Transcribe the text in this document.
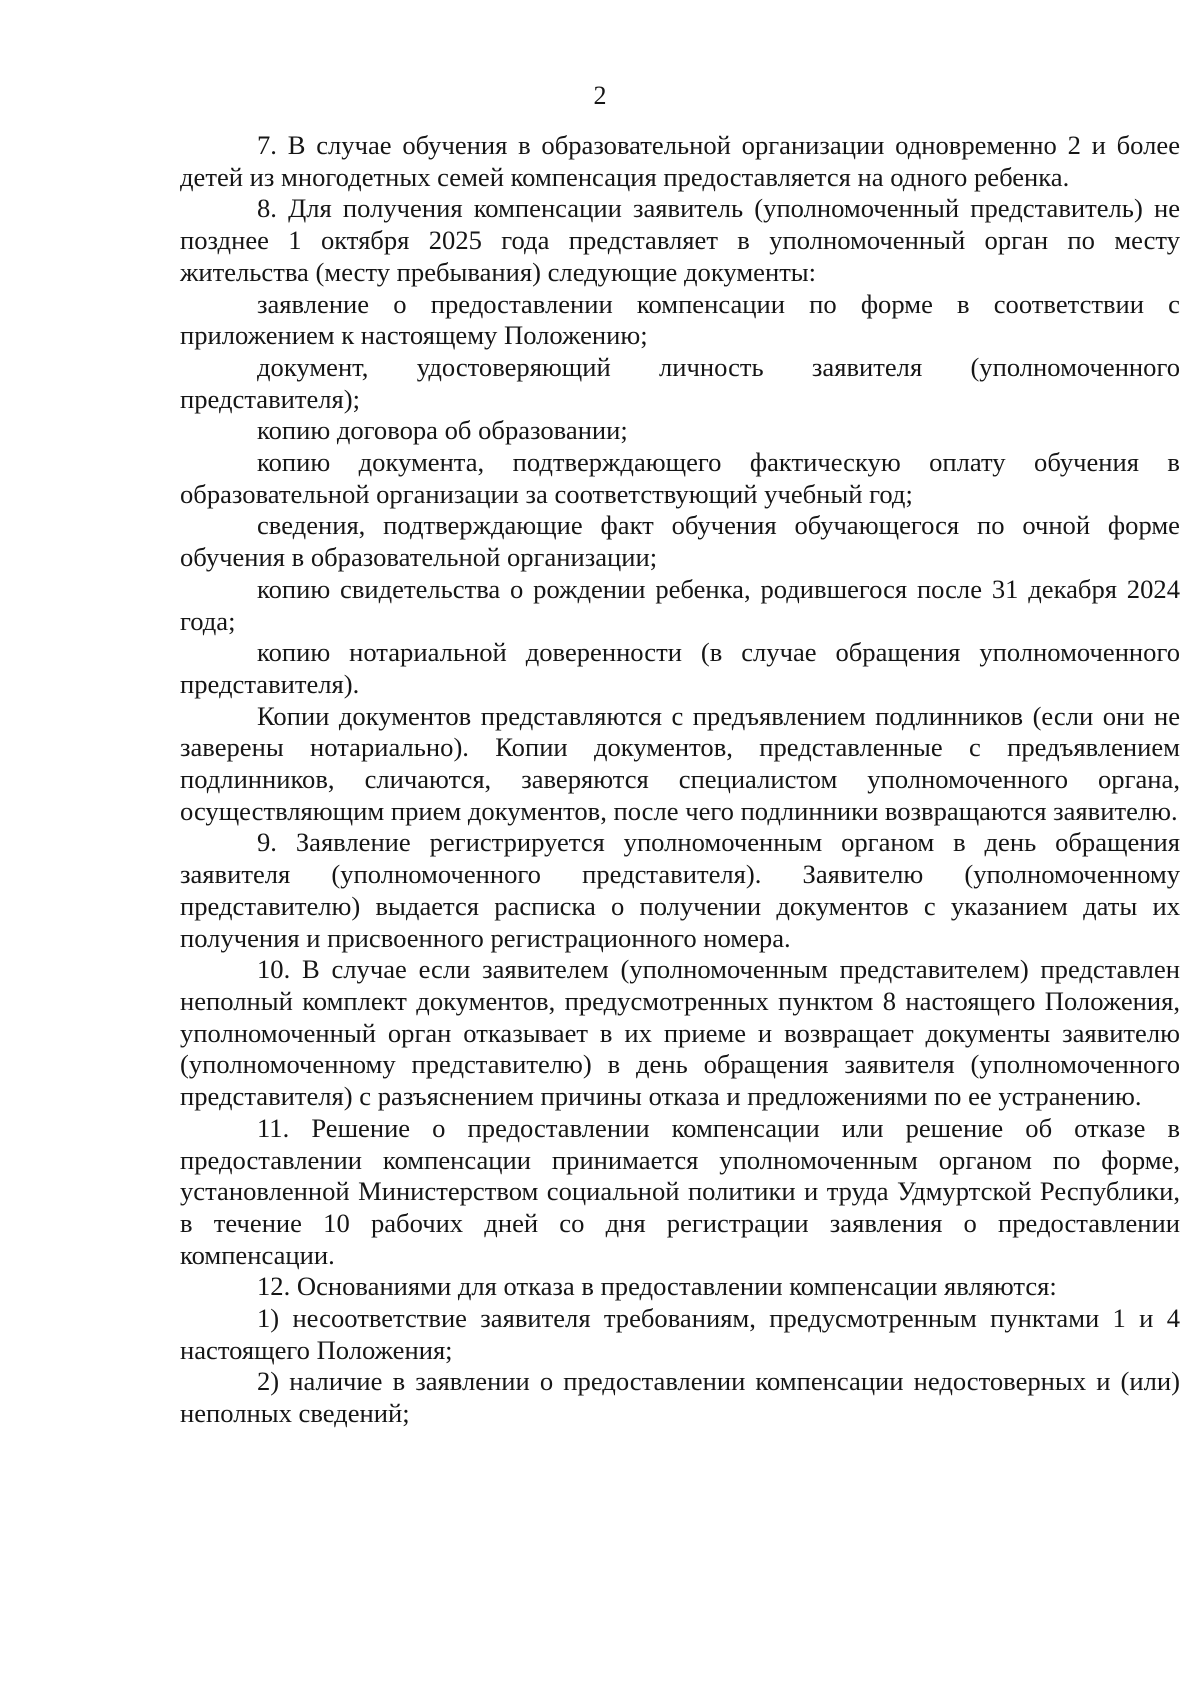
2

7. В случае обучения в образовательной организации одновременно 2 и более детей из многодетных семей компенсация предоставляется на одного ребенка.

8. Для получения компенсации заявитель (уполномоченный представитель) не позднее 1 октября 2025 года представляет в уполномоченный орган по месту жительства (месту пребывания) следующие документы:

заявление о предоставлении компенсации по форме в соответствии с приложением к настоящему Положению;

документ, удостоверяющий личность заявителя (уполномоченного представителя);

копию договора об образовании;

копию документа, подтверждающего фактическую оплату обучения в образовательной организации за соответствующий учебный год;

сведения, подтверждающие факт обучения обучающегося по очной форме обучения в образовательной организации;

копию свидетельства о рождении ребенка, родившегося после 31 декабря 2024 года;

копию нотариальной доверенности (в случае обращения уполномоченного представителя).

Копии документов представляются с предъявлением подлинников (если они не заверены нотариально). Копии документов, представленные с предъявлением подлинников, сличаются, заверяются специалистом уполномоченного органа, осуществляющим прием документов, после чего подлинники возвращаются заявителю.

9. Заявление регистрируется уполномоченным органом в день обращения заявителя (уполномоченного представителя). Заявителю (уполномоченному представителю) выдается расписка о получении документов с указанием даты их получения и присвоенного регистрационного номера.

10. В случае если заявителем (уполномоченным представителем) представлен неполный комплект документов, предусмотренных пунктом 8 настоящего Положения, уполномоченный орган отказывает в их приеме и возвращает документы заявителю (уполномоченному представителю) в день обращения заявителя (уполномоченного представителя) с разъяснением причины отказа и предложениями по ее устранению.

11. Решение о предоставлении компенсации или решение об отказе в предоставлении компенсации принимается уполномоченным органом по форме, установленной Министерством социальной политики и труда Удмуртской Республики, в течение 10 рабочих дней со дня регистрации заявления о предоставлении компенсации.

12. Основаниями для отказа в предоставлении компенсации являются:

1) несоответствие заявителя требованиям, предусмотренным пунктами 1 и 4 настоящего Положения;

2) наличие в заявлении о предоставлении компенсации недостоверных и (или) неполных сведений;
